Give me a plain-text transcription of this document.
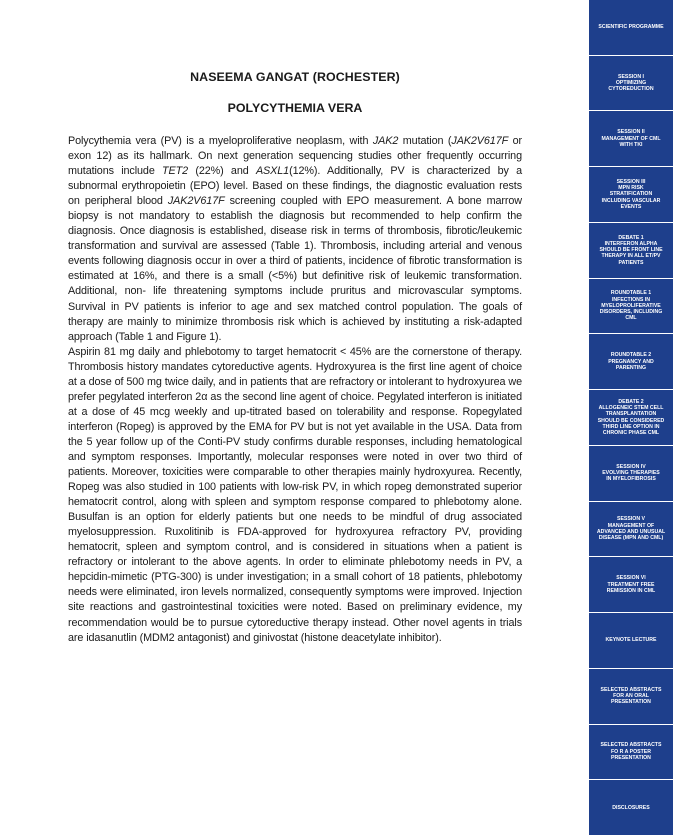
NASEEMA GANGAT (ROCHESTER)
POLYCYTHEMIA VERA

Polycythemia vera (PV) is a myeloproliferative neoplasm, with JAK2 mutation (JAK2V617F or exon 12) as its hallmark. On next generation sequencing studies other frequently occurring mutations include TET2 (22%) and ASXL1(12%). Additionally, PV is characterized by a subnormal erythropoietin (EPO) level. Based on these findings, the diagnostic evaluation rests on peripheral blood JAK2V617F screening coupled with EPO measurement. A bone marrow biopsy is not mandatory to establish the diagnosis but recommended to help confirm the diagnosis. Once diagnosis is established, disease risk in terms of thrombosis, fibrotic/leukemic transformation and survival are assessed (Table 1). Thrombosis, including arterial and venous events following diagnosis occur in over a third of patients, incidence of fibrotic transformation is estimated at 16%, and there is a small (<5%) but definitive risk of leukemic transformation. Additional, non- life threatening symptoms include pruritus and microvascular symptoms. Survival in PV patients is inferior to age and sex matched control population. The goals of therapy are mainly to minimize thrombosis risk which is achieved by instituting a risk-adapted approach (Table 1 and Figure 1).

Aspirin 81 mg daily and phlebotomy to target hematocrit < 45% are the cornerstone of therapy. Thrombosis history mandates cytoreductive agents. Hydroxyurea is the first line agent of choice at a dose of 500 mg twice daily, and in patients that are refractory or intolerant to hydroxyurea we prefer pegylated interferon 2α as the second line agent of choice. Pegylated interferon is initiated at a dose of 45 mcg weekly and up-titrated based on tolerability and response. Ropegylated interferon (Ropeg) is approved by the EMA for PV but is not yet available in the USA. Data from the 5 year follow up of the Conti-PV study confirms durable responses, including hematological and symptom responses. Importantly, molecular responses were noted in over two third of patients. Moreover, toxicities were comparable to other therapies mainly hydroxyurea. Recently, Ropeg was also studied in 100 patients with low-risk PV, in which ropeg demonstrated superior hematocrit control, along with spleen and symptom response compared to phlebotomy alone. Busulfan is an option for elderly patients but one needs to be mindful of drug associated myelosuppression. Ruxolitinib is FDA-approved for hydroxyurea refractory PV, providing hematocrit, spleen and symptom control, and is considered in situations when a patient is refractory or intolerant to the above agents. In order to eliminate phlebotomy needs in PV, a hepcidin-mimetic (PTG-300) is under investigation; in a small cohort of 18 patients, phlebotomy needs were eliminated, iron levels normalized, consequently symptoms were improved. Injection site reactions and gastrointestinal toxicities were noted. Based on preliminary evidence, my recommendation would be to pursue cytoreductive therapy instead. Other novel agents in trials are idasanutlin (MDM2 antagonist) and ginivostat (histone deacetylate inhibitor).

SCIENTIFIC PROGRAMME
SESSION I
OPTIMIZING
CYTOREDUCTION
SESSION II
MANAGEMENT OF CML
WITH TKI
SESSION III
MPN RISK
STRATIFICATION
INCLUDING VASCULAR
EVENTS
DEBATE 1
INTERFERON ALPHA
SHOULD BE FRONT LINE
THERAPY IN ALL ET/PV
PATIENTS
ROUNDTABLE 1
INFECTIONS IN
MYELOPROLIFERATIVE
DISORDERS, INCLUDING
CML
ROUNDTABLE 2
PREGNANCY AND
PARENTING
DEBATE 2
ALLOGENEIC STEM CELL
TRANSPLANTATION
SHOULD BE CONSIDERED
THIRD LINE OPTION IN
CHRONIC PHASE CML
SESSION IV
EVOLVING THERAPIES
IN MYELOFIBROSIS
SESSION V
MANAGEMENT OF
ADVANCED AND UNUSUAL
DISEASE (MPN AND CML)
SESSION VI
TREATMENT FREE
REMISSION IN CML
KEYNOTE LECTURE
SELECTED ABSTRACTS
FOR AN ORAL
PRESENTATION
SELECTED ABSTRACTS
FO R A POSTER
PRESENTATION
DISCLOSURES
